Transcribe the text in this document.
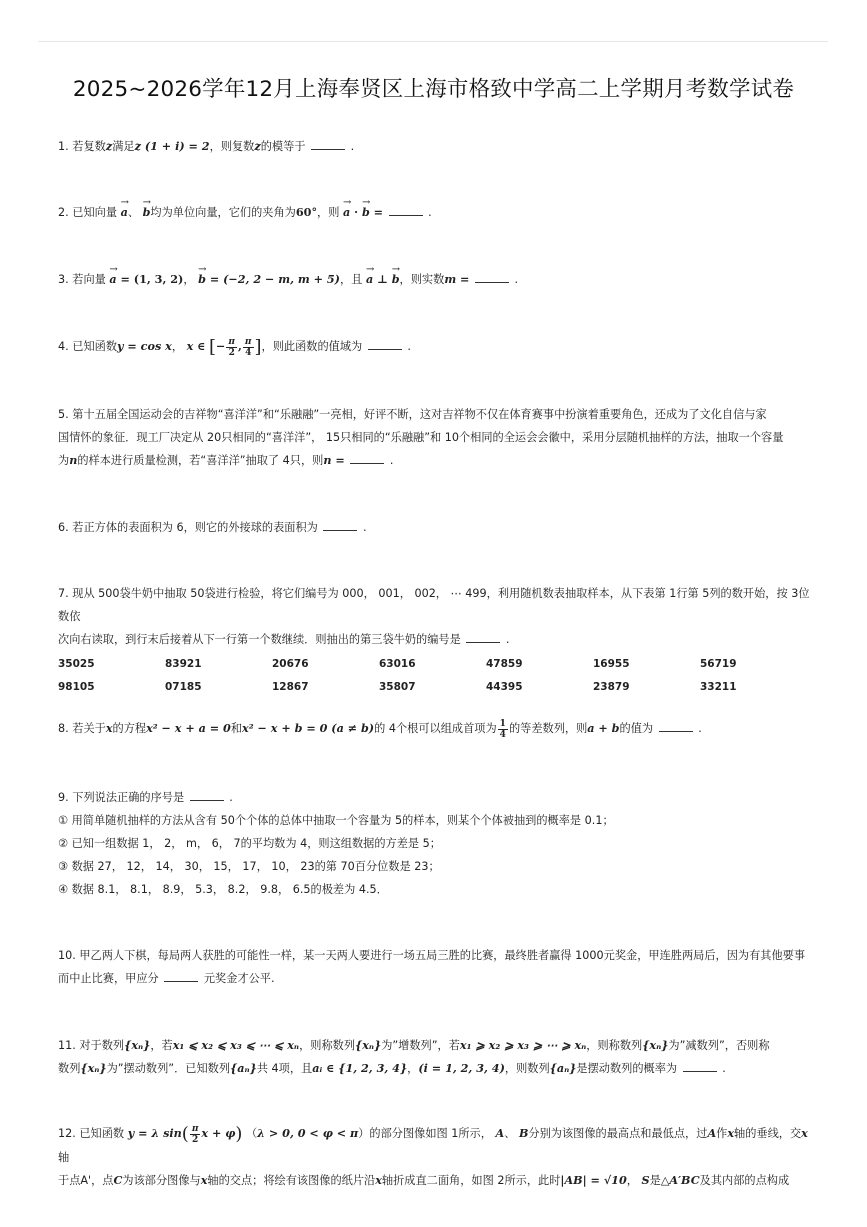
2025~2026学年12月上海奉贤区上海市格致中学高二上学期月考数学试卷

1. 若复数z满足z (1 + i) = 2，则复数z的模等于	.

2. 已知向量 → a、 → b均为单位向量，它们的夹角为60°，则 → a · → b =	.

3. 若向量 → a = (1, 3, 2)， → b = (−2, 2 − m, m + 5)，且 → a ⊥ → b，则实数m =	.

4. 已知函数y = cos x， x ∈ [− $\frac{\pi}{2}$ , $\frac{\pi}{4}$ ]，则此函数的值域为	.

5. 第十五届全国运动会的吉祥物“喜洋洋”和“乐融融”一亮相，好评不断，这对吉祥物不仅在体育赛事中扮演着重要角色，还成为了文化自信与家

国情怀的象征．现工厂决定从 20只相同的“喜洋洋”， 15只相同的“乐融融”和 10个相同的全运会会徽中，采用分层随机抽样的方法，抽取一个容量

为n的样本进行质量检测，若“喜洋洋”抽取了 4只，则n =	.

6. 若正方体的表面积为 6，则它的外接球的表面积为	.

7. 现从 500袋牛奶中抽取 50袋进行检验，将它们编号为 000， 001， 002， ⋯ 499，利用随机数表抽取样本，从下表第 1行第 5列的数开始，按 3位数依

次向右读取，到行末后接着从下一行第一个数继续．则抽出的第三袋牛奶的编号是	.

35025	83921	20676	63016	47859	16955	56719
98105	07185	12867	35807	44395	23879	33211

8. 若关于x的方程x² − x + a = 0和x² − x + b = 0 (a ≠ b)的 4个根可以组成首项为 $\frac{1}{4}$ 的等差数列，则a + b的值为	.

9. 下列说法正确的序号是	.

① 用简单随机抽样的方法从含有 50个个体的总体中抽取一个容量为 5的样本，则某个个体被抽到的概率是 0.1；

② 已知一组数据 1， 2， m， 6， 7的平均数为 4，则这组数据的方差是 5；

③ 数据 27， 12， 14， 30， 15， 17， 10， 23的第 70百分位数是 23；

④ 数据 8.1， 8.1， 8.9， 5.3， 8.2， 9.8， 6.5的极差为 4.5．

10. 甲乙两人下棋，每局两人获胜的可能性一样，某一天两人要进行一场五局三胜的比赛，最终胜者赢得 1000元奖金，甲连胜两局后，因为有其他要事

而中止比赛，甲应分	元奖金才公平.

11. 对于数列{xₙ}，若x₁ ⩽ x₂ ⩽ x₃ ⩽ ⋯ ⩽ xₙ，则称数列{xₙ}为”增数列”，若x₁ ⩾ x₂ ⩾ x₃ ⩾ ⋯ ⩾ xₙ，则称数列{xₙ}为”减数列”，否则称

数列{xₙ}为”摆动数列”．已知数列{aₙ}共 4项，且aᵢ ∈ {1, 2, 3, 4}，(i = 1, 2, 3, 4)，则数列{aₙ}是摆动数列的概率为	.

12. 已知函数 y = λ $\sin( \frac{\pi}{2}$ x + φ) （λ > 0, 0 < φ < π）的部分图像如图 1所示， A、 B分别为该图像的最高点和最低点，过A作x轴的垂线，交x轴

于点A'，点C为该部分图像与x轴的交点；将绘有该图像的纸片沿x轴折成直二面角，如图 2所示，此时|AB| = √10， S是△A′BC及其内部的点构成
